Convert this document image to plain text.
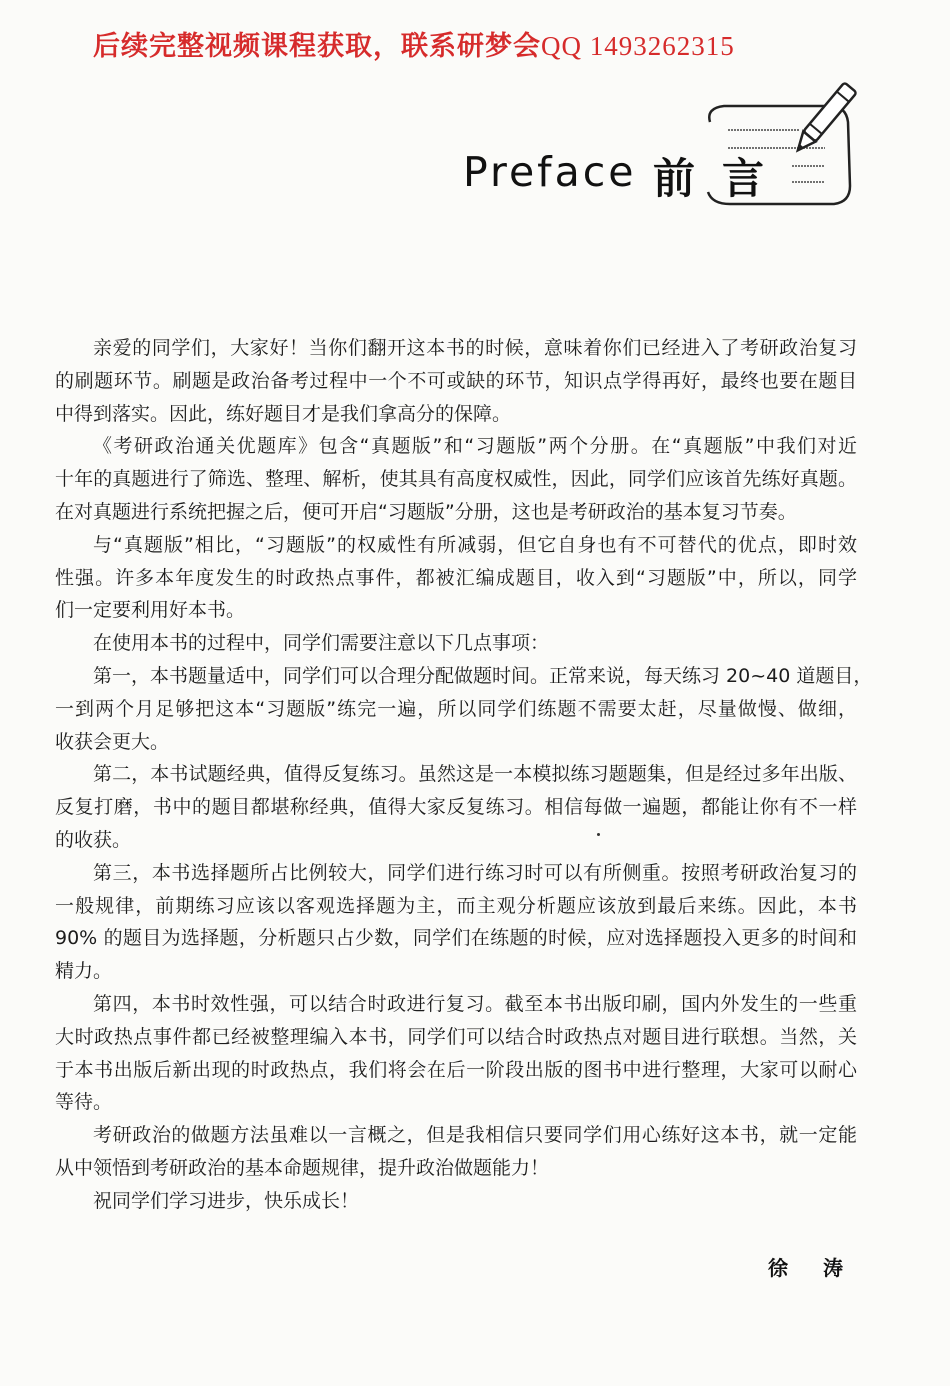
后续完整视频课程获取，联系研梦会QQ 1493262315
Preface 前 言
亲爱的同学们，大家好！当你们翻开这本书的时候，意味着你们已经进入了考研政治复习
的刷题环节。刷题是政治备考过程中一个不可或缺的环节，知识点学得再好，最终也要在题目
中得到落实。因此，练好题目才是我们拿高分的保障。
《考研政治通关优题库》包含“真题版”和“习题版”两个分册。在“真题版”中我们对近
十年的真题进行了筛选、整理、解析，使其具有高度权威性，因此，同学们应该首先练好真题。
在对真题进行系统把握之后，便可开启“习题版”分册，这也是考研政治的基本复习节奏。
与“真题版”相比，“习题版”的权威性有所减弱，但它自身也有不可替代的优点，即时效
性强。许多本年度发生的时政热点事件，都被汇编成题目，收入到“习题版”中，所以，同学
们一定要利用好本书。
在使用本书的过程中，同学们需要注意以下几点事项：
第一，本书题量适中，同学们可以合理分配做题时间。正常来说，每天练习 20~40 道题目，
一到两个月足够把这本“习题版”练完一遍，所以同学们练题不需要太赶，尽量做慢、做细，
收获会更大。
第二，本书试题经典，值得反复练习。虽然这是一本模拟练习题题集，但是经过多年出版、
反复打磨，书中的题目都堪称经典，值得大家反复练习。相信每做一遍题，都能让你有不一样
的收获。
第三，本书选择题所占比例较大，同学们进行练习时可以有所侧重。按照考研政治复习的
一般规律，前期练习应该以客观选择题为主，而主观分析题应该放到最后来练。因此，本书
90% 的题目为选择题，分析题只占少数，同学们在练题的时候，应对选择题投入更多的时间和
精力。
第四，本书时效性强，可以结合时政进行复习。截至本书出版印刷，国内外发生的一些重
大时政热点事件都已经被整理编入本书，同学们可以结合时政热点对题目进行联想。当然，关
于本书出版后新出现的时政热点，我们将会在后一阶段出版的图书中进行整理，大家可以耐心
等待。
考研政治的做题方法虽难以一言概之，但是我相信只要同学们用心练好这本书，就一定能
从中领悟到考研政治的基本命题规律，提升政治做题能力！
祝同学们学习进步，快乐成长！
徐 涛
